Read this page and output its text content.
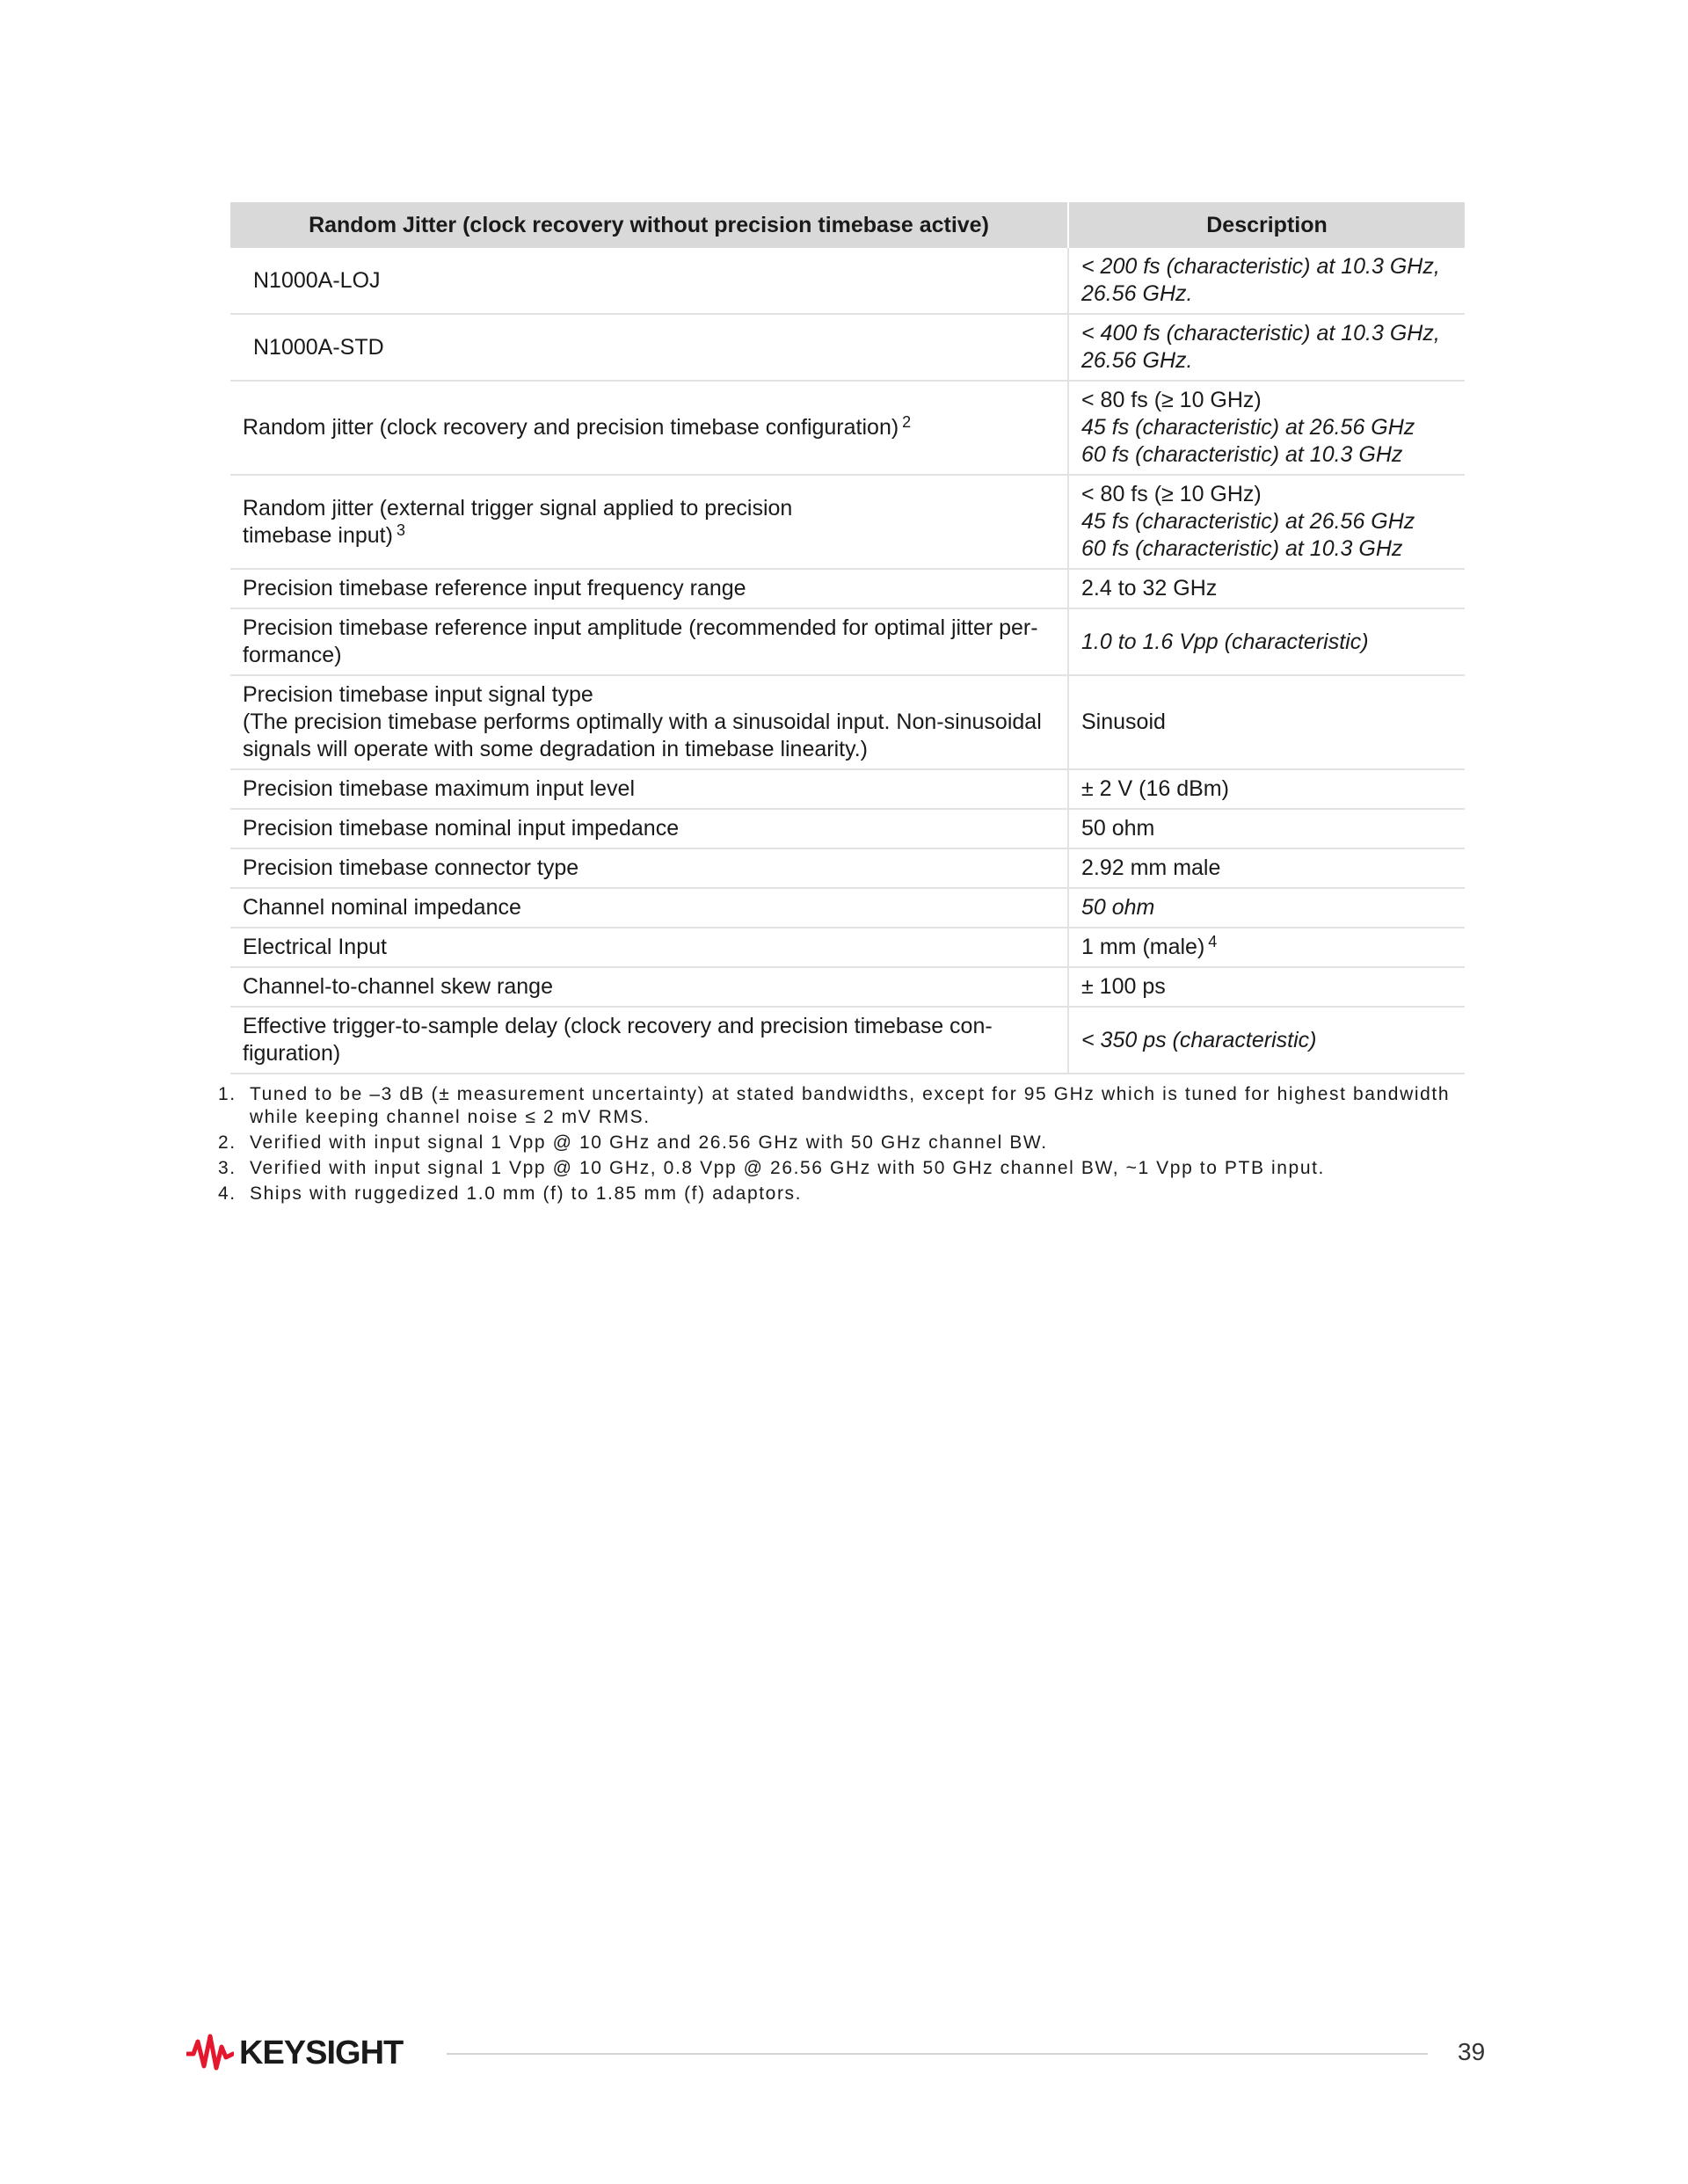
Random Jitter (clock recovery without precision timebase active)	Description

N1000A-LOJ	< 200 fs (characteristic) at 10.3 GHz, 26.56 GHz.

N1000A-STD	< 400 fs (characteristic) at 10.3 GHz, 26.56 GHz.

Random jitter (clock recovery and precision timebase configuration) $^2$	< 80 fs (≥ 10 GHz)
45 fs (characteristic) at 26.56 GHz
60 fs (characteristic) at 10.3 GHz

Random jitter (external trigger signal applied to precision
timebase input) $^3$	< 80 fs (≥ 10 GHz)
45 fs (characteristic) at 26.56 GHz
60 fs (characteristic) at 10.3 GHz

Precision timebase reference input frequency range	2.4 to 32 GHz

Precision timebase reference input amplitude (recommended for optimal jitter per-
formance)	1.0 to 1.6 Vpp (characteristic)

Precision timebase input signal type
(The precision timebase performs optimally with a sinusoidal input. Non-sinusoidal
signals will operate with some degradation in timebase linearity.)	Sinusoid

Precision timebase maximum input level	± 2 V (16 dBm)

Precision timebase nominal input impedance	50 ohm

Precision timebase connector type	2.92 mm male

Channel nominal impedance	50 ohm

Electrical Input	1 mm (male) $^4$

Channel-to-channel skew range	± 100 ps

Effective trigger-to-sample delay (clock recovery and precision timebase con-
figuration)	< 350 ps (characteristic)
1. Tuned to be –3 dB (± measurement uncertainty) at stated bandwidths, except for 95 GHz which is tuned for highest bandwidth while keeping channel noise ≤ 2 mV RMS.
2. Verified with input signal 1 Vpp @ 10 GHz and 26.56 GHz with 50 GHz channel BW.
3. Verified with input signal 1 Vpp @ 10 GHz, 0.8 Vpp @ 26.56 GHz with 50 GHz channel BW, ~1 Vpp to PTB input.
4. Ships with ruggedized 1.0 mm (f) to 1.85 mm (f) adaptors.
KEYSIGHT	39
